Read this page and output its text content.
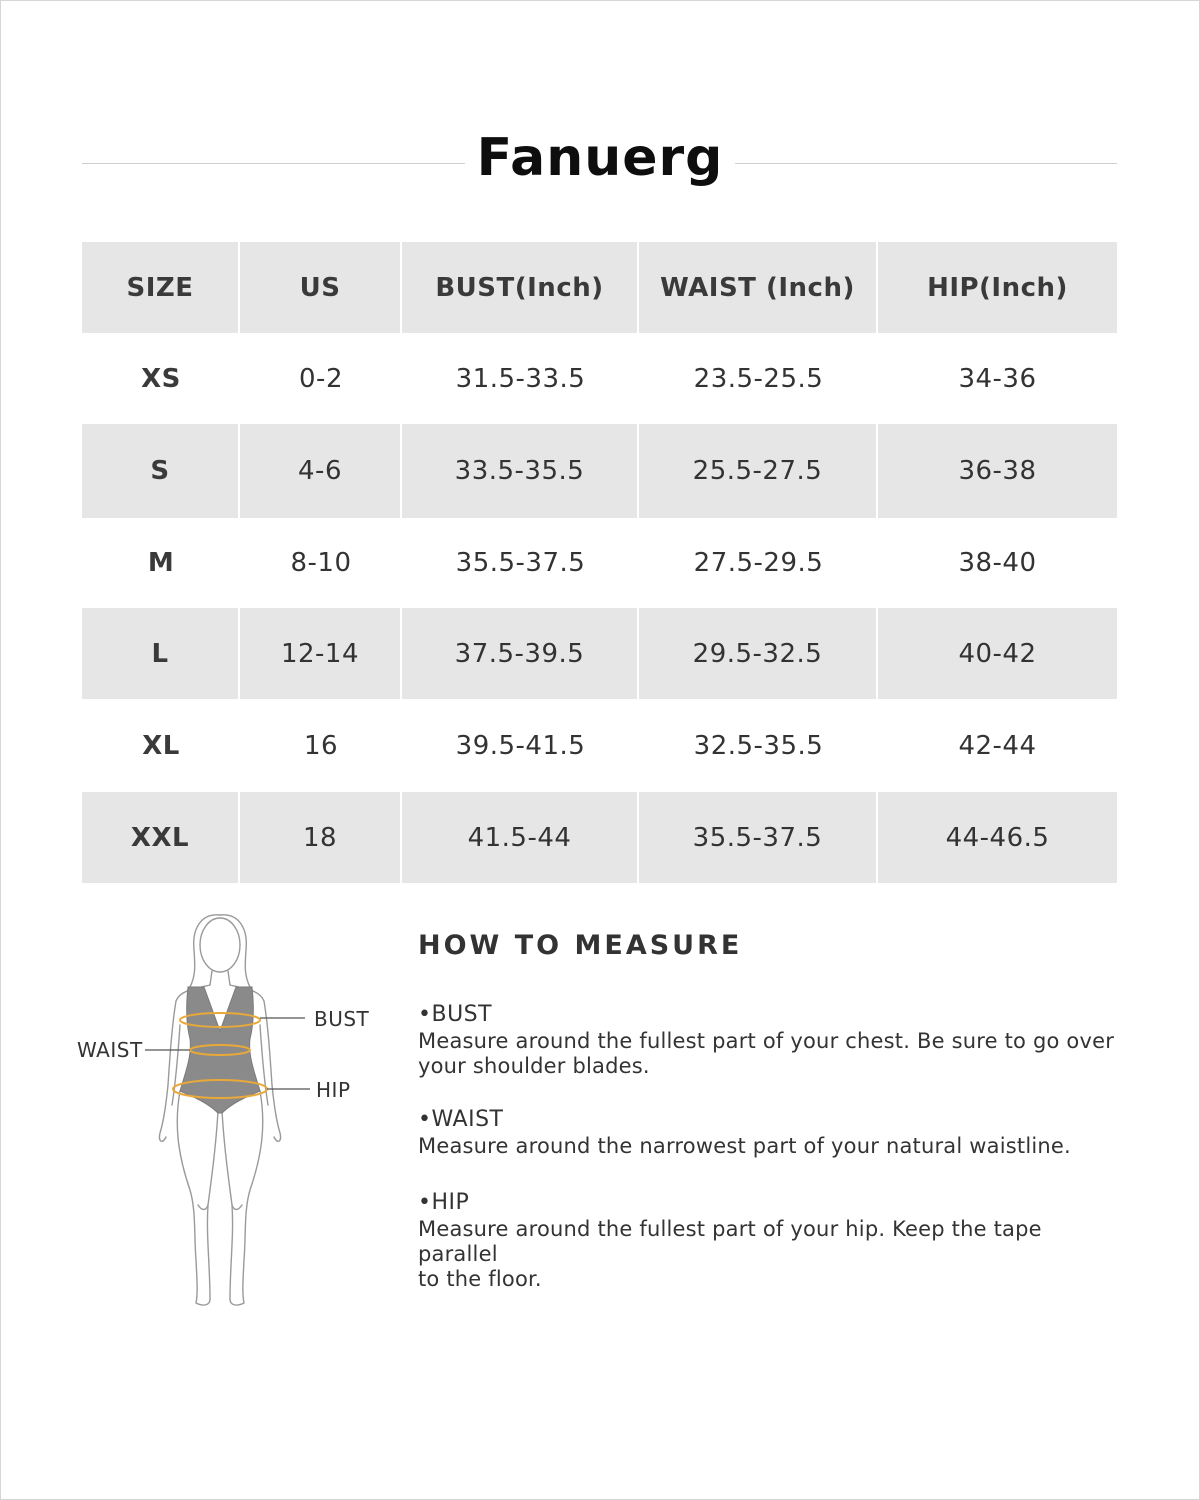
Fanuerg
SIZE	US	BUST(Inch)	WAIST (Inch)	HIP(Inch)
XS	0-2	31.5-33.5	23.5-25.5	34-36
S	4-6	33.5-35.5	25.5-27.5	36-38
M	8-10	35.5-37.5	27.5-29.5	38-40
L	12-14	37.5-39.5	29.5-32.5	40-42
XL	16	39.5-41.5	32.5-35.5	42-44
XXL	18	41.5-44	35.5-37.5	44-46.5
BUST
WAIST
HIP
HOW TO MEASURE
•BUST
Measure around the fullest part of your chest. Be sure to go over
your shoulder blades.
•WAIST
Measure around the narrowest part of your natural waistline.
•HIP
Measure around the fullest part of your hip. Keep the tape parallel
to the floor.
